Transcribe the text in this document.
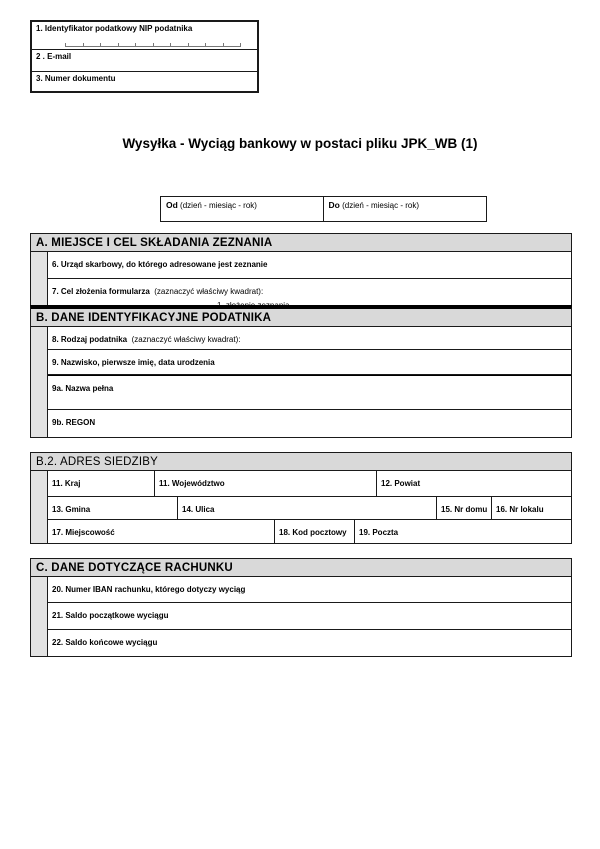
1. Identyfikator podatkowy NIP podatnika
2 . E-mail
3. Numer dokumentu
Wysyłka - Wyciąg bankowy w postaci pliku JPK_WB (1)
Od (dzień - miesiąc - rok)	Do (dzień - miesiąc - rok)
A. MIEJSCE I CEL SKŁADANIA ZEZNANIA
6. Urząd skarbowy, do którego adresowane jest zeznanie
7. Cel złożenia formularza (zaznaczyć właściwy kwadrat):
B. DANE IDENTYFIKACYJNE PODATNIKA
8. Rodzaj podatnika (zaznaczyć właściwy kwadrat):
9. Nazwisko, pierwsze imię, data urodzenia
9a. Nazwa pełna
9b. REGON
B.2. ADRES SIEDZIBY
11. Kraj	11. Województwo	12. Powiat
13. Gmina	14. Ulica	15. Nr domu	16. Nr lokalu
17. Miejscowość	18. Kod pocztowy	19. Poczta
C. DANE DOTYCZĄCE RACHUNKU
20. Numer IBAN rachunku, którego dotyczy wyciąg
21. Saldo początkowe wyciągu
22. Saldo końcowe wyciągu
